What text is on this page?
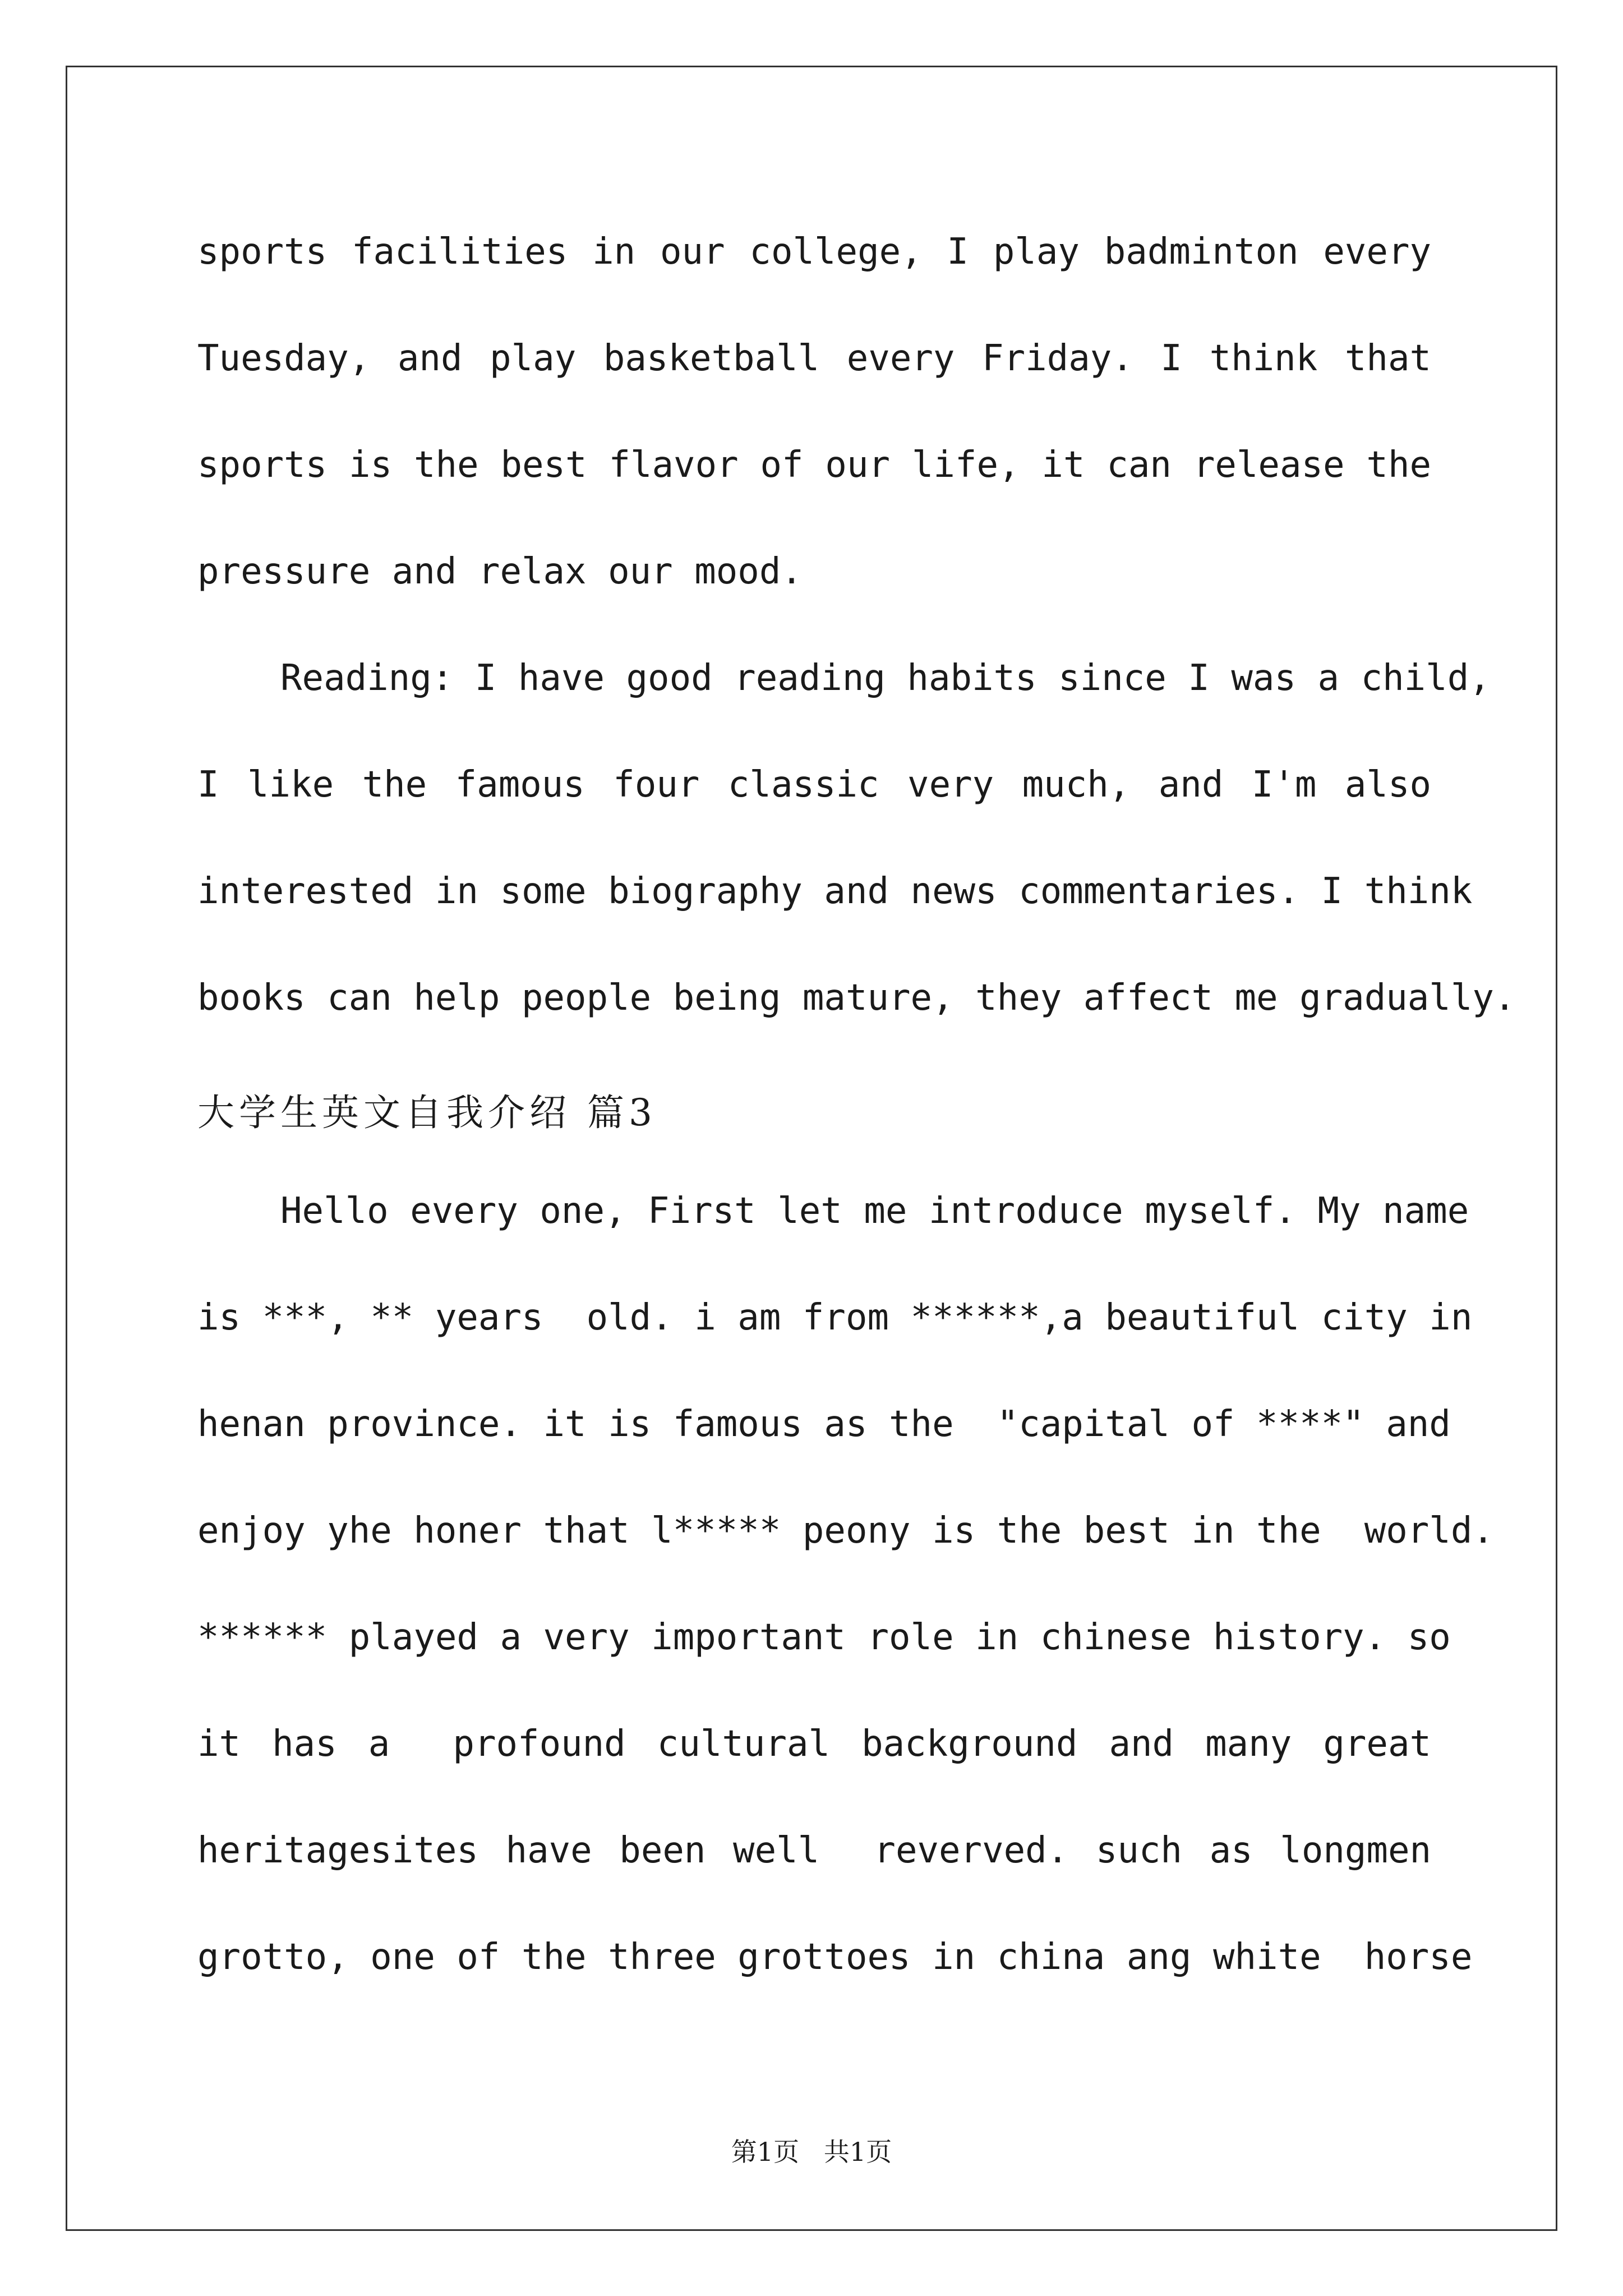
sports facilities in our college, I play badminton every
Tuesday, and play basketball every Friday. I think that
sports is the best flavor of our life, it can release the
pressure and relax our mood.
Reading: I have good reading habits since I was a child,
I like the famous four classic very much, and I'm also
interested in some biography and news commentaries. I think
books can help people being mature, they affect me gradually.
大学生英文自我介绍 篇3
Hello every one, First let me introduce myself. My name
is ***, ** years  old. i am from ******,a beautiful city in
henan province. it is famous as the  "capital of ****" and
enjoy yhe honer that l***** peony is the best in the  world.
****** played a very important role in chinese history. so
it has a  profound cultural background and many great
heritagesites have been well  reverved. such as longmen
grotto, one of the three grottoes in china ang white  horse
第1页   共1页
